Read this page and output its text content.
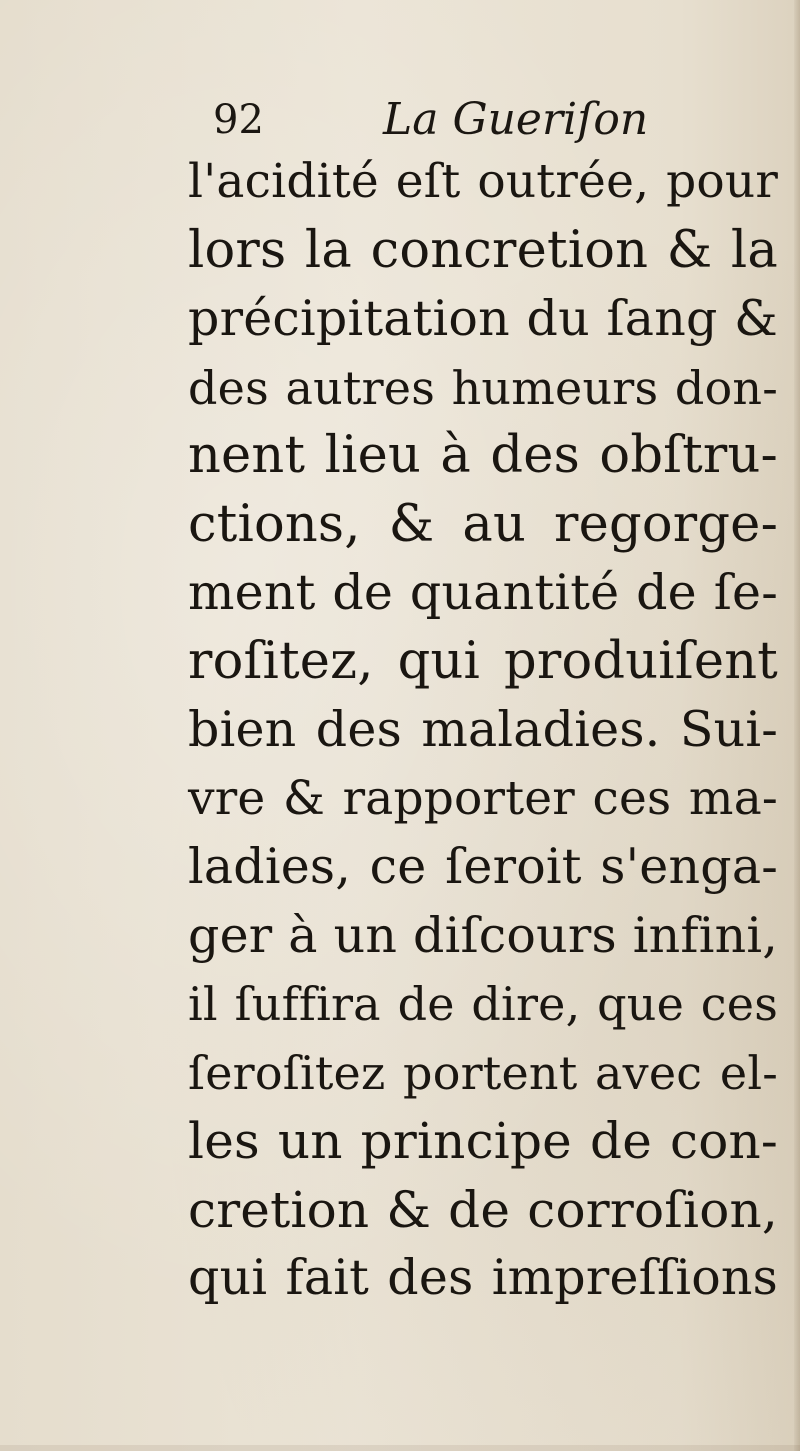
92	La Gueriſon
l'acidité eſt outrée, pour
lors la concretion & la
précipitation du ſang &
des autres humeurs don-
nent lieu à des obſtru-
ctions, & au regorge-
ment de quantité de ſe-
roſitez, qui produiſent
bien des maladies. Sui-
vre & rapporter ces ma-
ladies, ce ſeroit s'enga-
ger à un diſcours infini,
il ſuffira de dire, que ces
ſeroſitez portent avec el-
les un principe de con-
cretion & de corroſion,
qui fait des impreſſions
